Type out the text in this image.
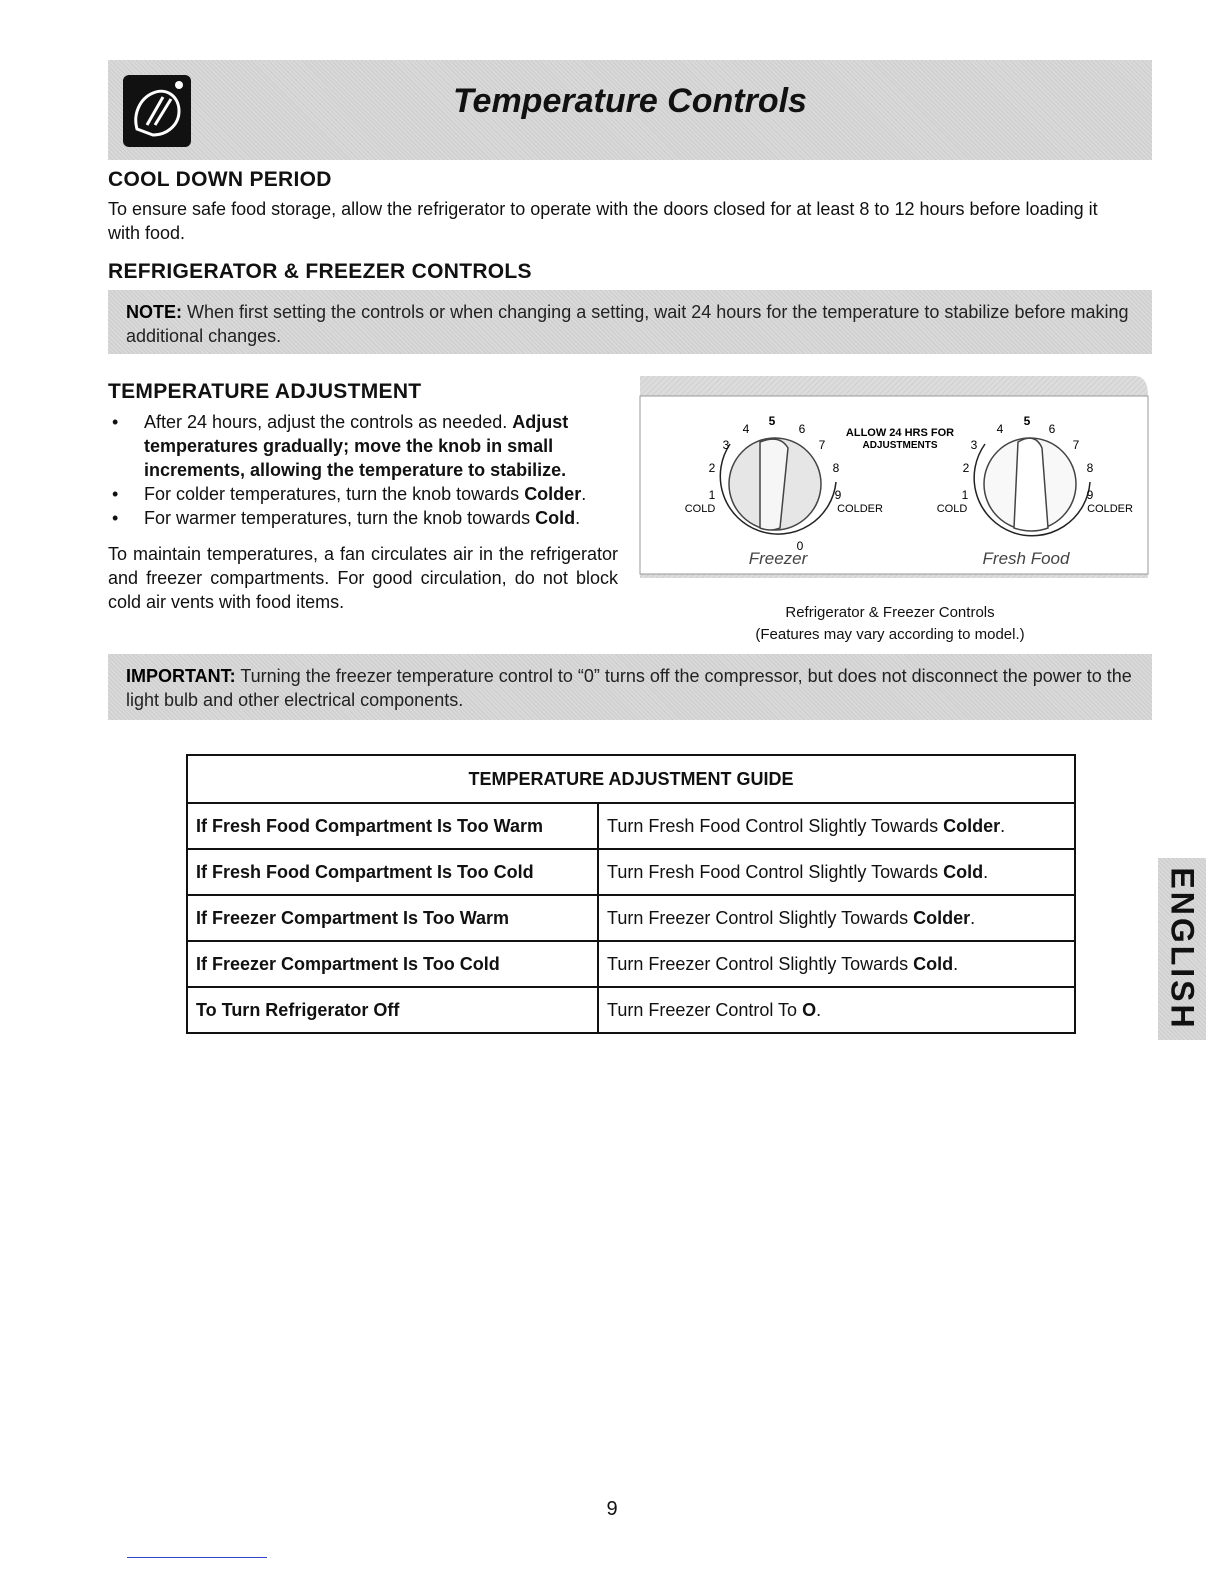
Temperature Controls
COOL DOWN PERIOD
To ensure safe food storage, allow the refrigerator to operate with the doors closed for at least 8 to 12 hours before loading it with food.
REFRIGERATOR & FREEZER CONTROLS
NOTE: When first setting the controls or when changing a setting, wait 24 hours for the temperature to stabilize before making additional changes.
TEMPERATURE ADJUSTMENT

• After 24 hours, adjust the controls as needed. Adjust temperatures gradually; move the knob in small increments, allowing the temperature to stabilize.

• For colder temperatures, turn the knob towards Colder.

• For warmer temperatures, turn the knob towards Cold.

To maintain temperatures, a fan circulates air in the refrigerator and freezer compartments. For good circulation, do not block cold air vents with food items.
0
1
2
3
4
5
6
7
8
9
COLD	COLDER
Freezer
ALLOW 24 HRS FOR
ADJUSTMENTS
1
2
3
4
5
6
7
8
9
COLD	COLDER
Fresh Food
Refrigerator & Freezer Controls
(Features may vary according to model.)
IMPORTANT: Turning the freezer temperature control to “0” turns off the compressor, but does not disconnect the power to the light bulb and other electrical components.
TEMPERATURE ADJUSTMENT GUIDE	
If Fresh Food Compartment Is Too Warm	Turn Fresh Food Control Slightly Towards Colder.
If Fresh Food Compartment Is Too Cold	Turn Fresh Food Control Slightly Towards Cold.
If Freezer Compartment Is Too Warm	Turn Freezer Control Slightly Towards Colder.
If Freezer Compartment Is Too Cold	Turn Freezer Control Slightly Towards Cold.
To Turn Refrigerator Off	Turn Freezer Control To O.	ENGLISH
9
